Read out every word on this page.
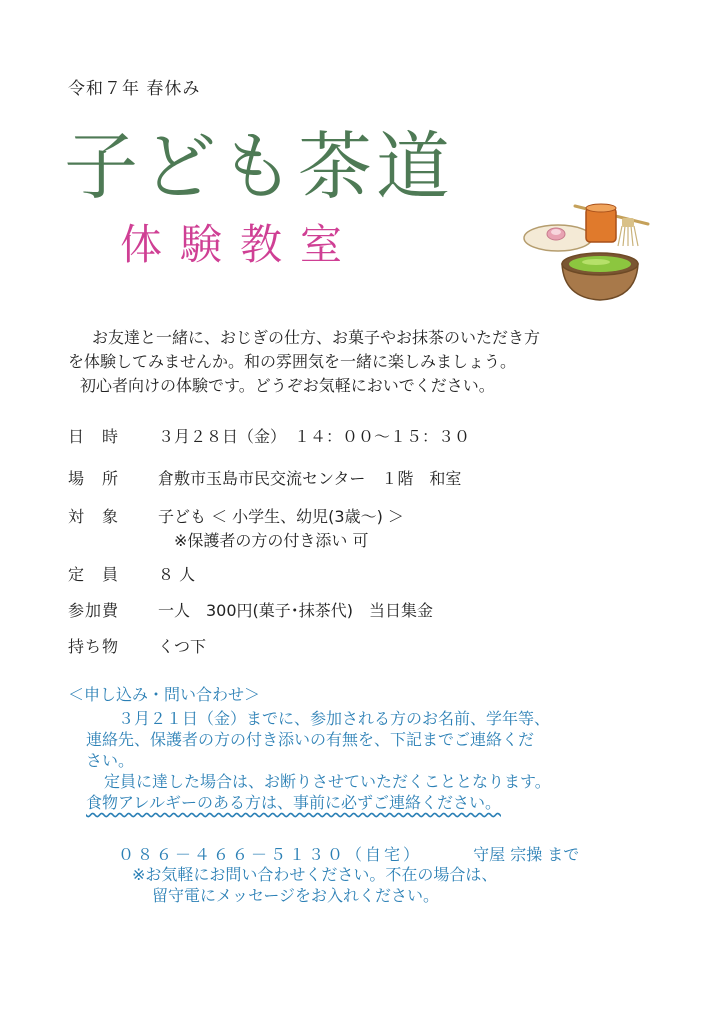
令和７年 春休み
子ども茶道
体験教室

お友達と一緒に、おじぎの仕方、お菓子やお抹茶のいただき方

を体験してみませんか。和の雰囲気を一緒に楽しみましょう。

初心者向けの体験です。どうぞお気軽においでください。

日　時	３月２８日（金）　１４：００～１５：３０
場　所	倉敷市玉島市民交流センター　１階　和室
対　象	子ども ＜ 小学生、幼児(3歳～) ＞
※保護者の方の付き添い 可
定　員	８ 人
参加費	一人　300円(菓子･抹茶代)　当日集金
持ち物	くつ下

＜申し込み・問い合わせ＞

３月２１日（金）までに、参加される方のお名前、学年等、

連絡先、保護者の方の付き添いの有無を、下記までご連絡くだ

さい。

定員に達した場合は、お断りさせていただくこととなります。

食物アレルギーのある方は、事前に必ずご連絡ください。

０８６－４６６－５１３０（自宅）	守屋 宗操 まで

※お気軽にお問い合わせください。不在の場合は、

留守電にメッセージをお入れください。
